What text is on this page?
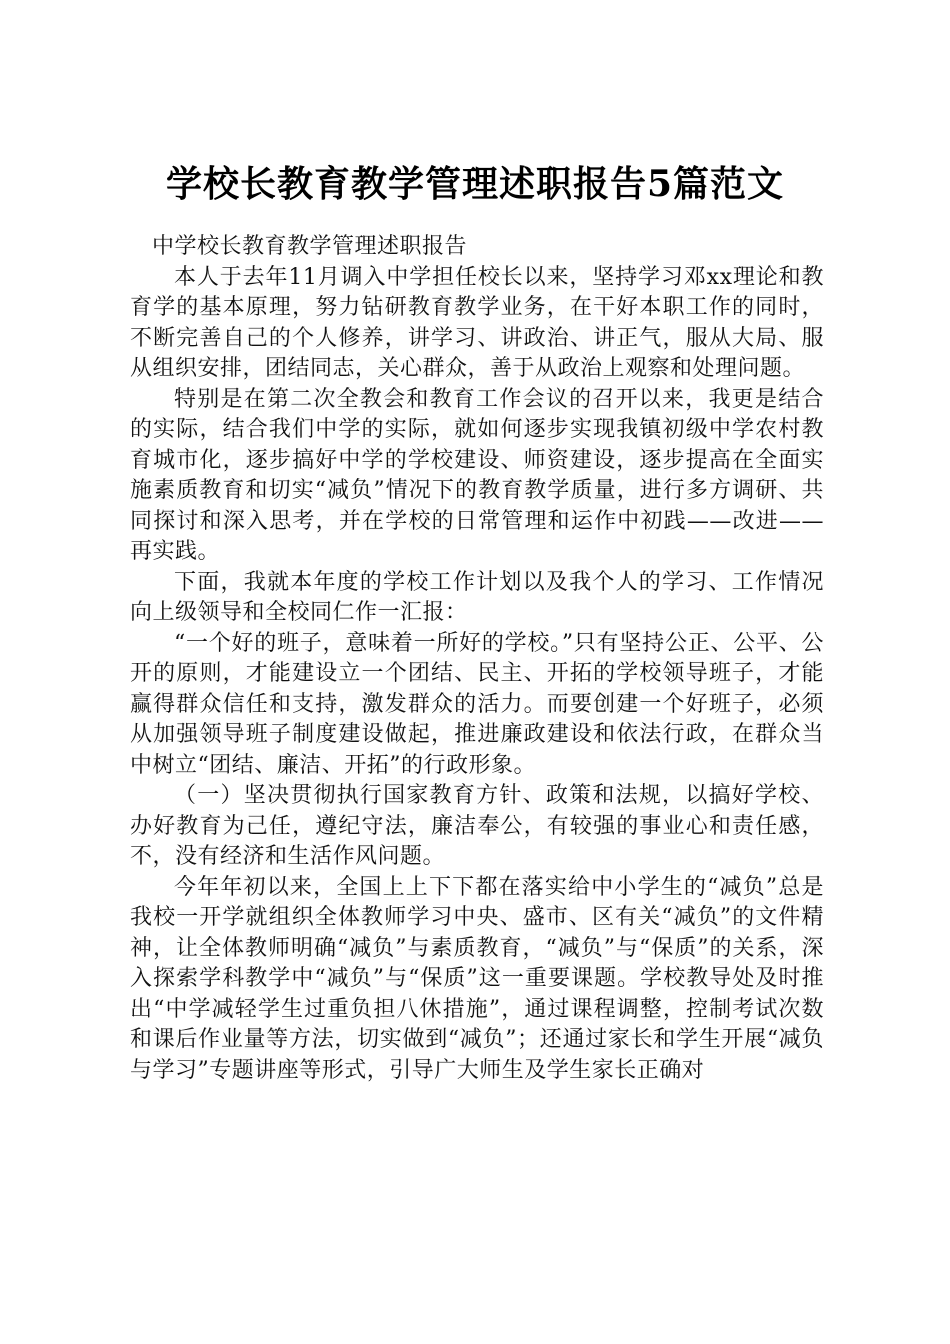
学校长教育教学管理述职报告5篇范文

中学校长教育教学管理述职报告

本人于去年11月调入中学担任校长以来，坚持学习邓xx理论和教育学的基本原理，努力钻研教育教学业务，在干好本职工作的同时，不断完善自己的个人修养，讲学习、讲政治、讲正气，服从大局、服从组织安排，团结同志，关心群众，善于从政治上观察和处理问题。

特别是在第二次全教会和教育工作会议的召开以来，我更是结合的实际，结合我们中学的实际，就如何逐步实现我镇初级中学农村教育城市化，逐步搞好中学的学校建设、师资建设，逐步提高在全面实施素质教育和切实“减负”情况下的教育教学质量，进行多方调研、共同探讨和深入思考，并在学校的日常管理和运作中初践——改进——再实践。

下面，我就本年度的学校工作计划以及我个人的学习、工作情况向上级领导和全校同仁作一汇报：

“一个好的班子，意味着一所好的学校。”只有坚持公正、公平、公开的原则，才能建设立一个团结、民主、开拓的学校领导班子，才能赢得群众信任和支持，激发群众的活力。而要创建一个好班子，必须从加强领导班子制度建设做起，推进廉政建设和依法行政，在群众当中树立“团结、廉洁、开拓”的行政形象。

（一）坚决贯彻执行国家教育方针、政策和法规，以搞好学校、办好教育为己任，遵纪守法，廉洁奉公，有较强的事业心和责任感，不，没有经济和生活作风问题。

今年年初以来，全国上上下下都在落实给中小学生的“减负”总是我校一开学就组织全体教师学习中央、盛市、区有关“减负”的文件精神，让全体教师明确“减负”与素质教育，“减负”与“保质”的关系，深入探索学科教学中“减负”与“保质”这一重要课题。学校教导处及时推出“中学减轻学生过重负担八休措施”，通过课程调整，控制考试次数和课后作业量等方法，切实做到“减负”；还通过家长和学生开展“减负与学习”专题讲座等形式，引导广大师生及学生家长正确对
